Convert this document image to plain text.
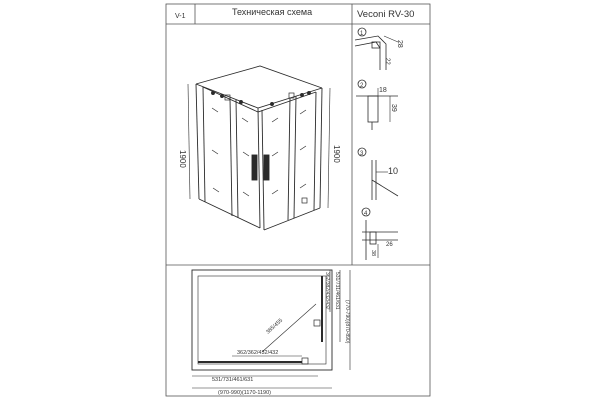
V-1	Техническая схема	Veconi RV-30
1900	1900
1
28
22
2
18
39
3
10
4
26
38
362/362/432/432
385/455
531/731/461/631
(970-990)(1170-1190)
362/382/432/432 531/731/461/631
(770-790)(870-890)
